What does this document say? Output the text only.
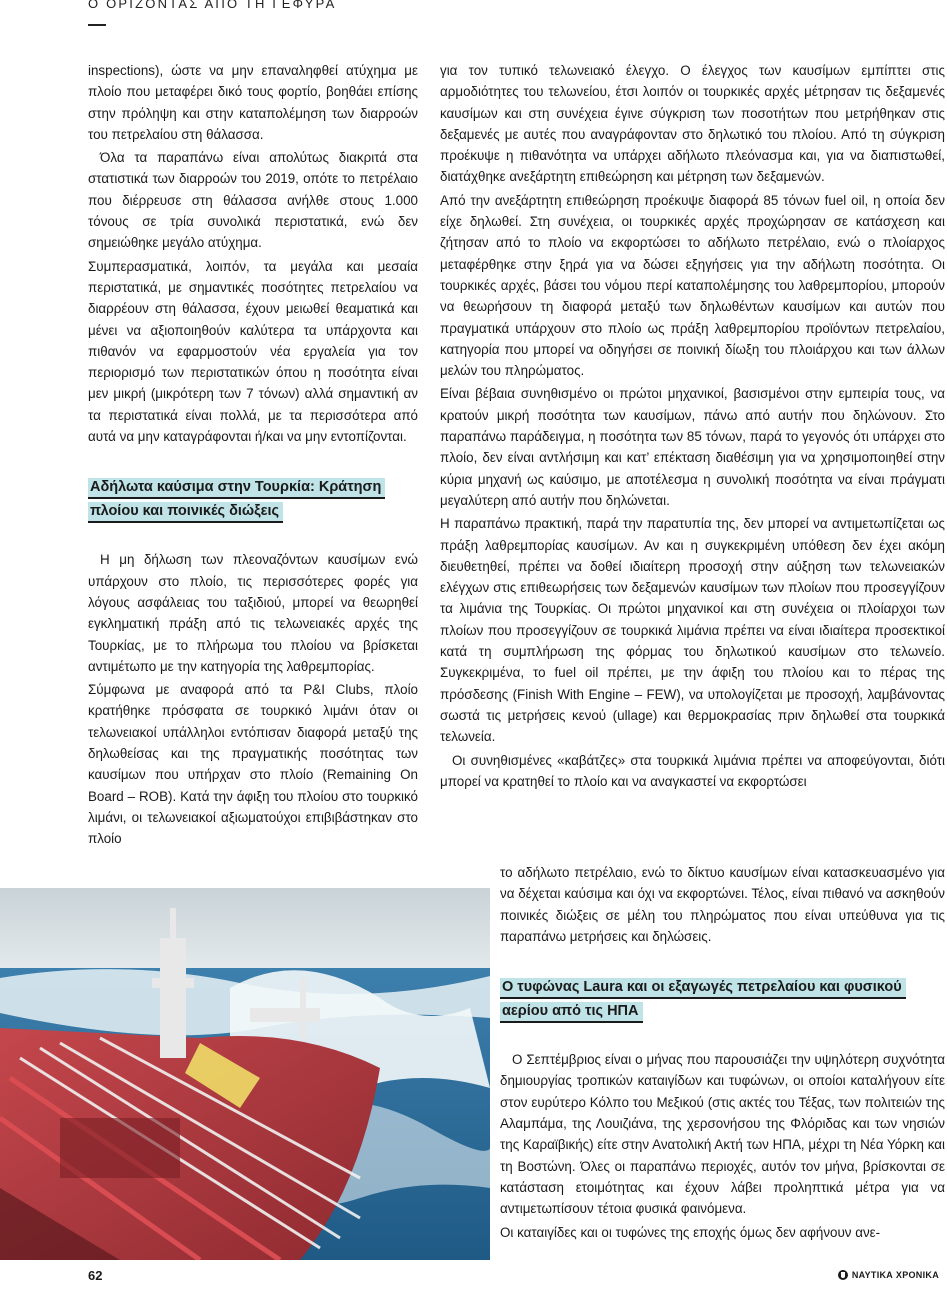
Ο ΟΡΙΖΟΝΤΑΣ ΑΠΟ ΤΗ ΓΕΦΥΡΑ

inspections), ώστε να μην επαναληφθεί ατύχημα με πλοίο που μεταφέρει δικό τους φορτίο, βοηθάει επίσης στην πρόληψη και στην καταπολέμηση των διαρροών του πετρελαίου στη θάλασσα.

Όλα τα παραπάνω είναι απολύτως διακριτά στα στατιστικά των διαρροών του 2019, οπότε το πετρέλαιο που διέρρευσε στη θάλασσα ανήλθε στους 1.000 τόνους σε τρία συνολικά περιστατικά, ενώ δεν σημειώθηκε μεγάλο ατύχημα.

Συμπερασματικά, λοιπόν, τα μεγάλα και μεσαία περιστατικά, με σημαντικές ποσότητες πετρελαίου να διαρρέουν στη θάλασσα, έχουν μειωθεί θεαματικά και μένει να αξιοποιηθούν καλύτερα τα υπάρχοντα και πιθανόν να εφαρμοστούν νέα εργαλεία για τον περιορισμό των περιστατικών όπου η ποσότητα είναι μεν μικρή (μικρότερη των 7 τόνων) αλλά σημαντική αν τα περιστατικά είναι πολλά, με τα περισσότερα από αυτά να μην καταγράφονται ή/και να μην εντοπίζονται.

Αδήλωτα καύσιμα στην Τουρκία: Κράτηση πλοίου και ποινικές διώξεις

Η μη δήλωση των πλεοναζόντων καυσίμων ενώ υπάρχουν στο πλοίο, τις περισσότερες φορές για λόγους ασφάλειας του ταξιδιού, μπορεί να θεωρηθεί εγκληματική πράξη από τις τελωνειακές αρχές της Τουρκίας, με το πλήρωμα του πλοίου να βρίσκεται αντιμέτωπο με την κατηγορία της λαθρεμπορίας.

Σύμφωνα με αναφορά από τα P&I Clubs, πλοίο κρατήθηκε πρόσφατα σε τουρκικό λιμάνι όταν οι τελωνειακοί υπάλληλοι εντόπισαν διαφορά μεταξύ της δηλωθείσας και της πραγματικής ποσότητας των καυσίμων που υπήρχαν στο πλοίο (Remaining On Board – ROB). Κατά την άφιξη του πλοίου στο τουρκικό λιμάνι, οι τελωνειακοί αξιωματούχοι επιβιβάστηκαν στο πλοίο

για τον τυπικό τελωνειακό έλεγχο. Ο έλεγχος των καυσίμων εμπίπτει στις αρμοδιότητες του τελωνείου, έτσι λοιπόν οι τουρκικές αρχές μέτρησαν τις δεξαμενές καυσίμων και στη συνέχεια έγινε σύγκριση των ποσοτήτων που μετρήθηκαν στις δεξαμενές με αυτές που αναγράφονταν στο δηλωτικό του πλοίου. Από τη σύγκριση προέκυψε η πιθανότητα να υπάρχει αδήλωτο πλεόνασμα και, για να διαπιστωθεί, διατάχθηκε ανεξάρτητη επιθεώρηση και μέτρηση των δεξαμενών.

Από την ανεξάρτητη επιθεώρηση προέκυψε διαφορά 85 τόνων fuel oil, η οποία δεν είχε δηλωθεί. Στη συνέχεια, οι τουρκικές αρχές προχώρησαν σε κατάσχεση και ζήτησαν από το πλοίο να εκφορτώσει το αδήλωτο πετρέλαιο, ενώ ο πλοίαρχος μεταφέρθηκε στην ξηρά για να δώσει εξηγήσεις για την αδήλωτη ποσότητα. Οι τουρκικές αρχές, βάσει του νόμου περί καταπολέμησης του λαθρεμπορίου, μπορούν να θεωρήσουν τη διαφορά μεταξύ των δηλωθέντων καυσίμων και αυτών που πραγματικά υπάρχουν στο πλοίο ως πράξη λαθρεμπορίου προϊόντων πετρελαίου, κατηγορία που μπορεί να οδηγήσει σε ποινική δίωξη του πλοιάρχου και των άλλων μελών του πληρώματος.

Είναι βέβαια συνηθισμένο οι πρώτοι μηχανικοί, βασισμένοι στην εμπειρία τους, να κρατούν μικρή ποσότητα των καυσίμων, πάνω από αυτήν που δηλώνουν. Στο παραπάνω παράδειγμα, η ποσότητα των 85 τόνων, παρά το γεγονός ότι υπάρχει στο πλοίο, δεν είναι αντλήσιμη και κατ’ επέκταση διαθέσιμη για να χρησιμοποιηθεί στην κύρια μηχανή ως καύσιμο, με αποτέλεσμα η συνολική ποσότητα να είναι πράγματι μεγαλύτερη από αυτήν που δηλώνεται.

Η παραπάνω πρακτική, παρά την παρατυπία της, δεν μπορεί να αντιμετωπίζεται ως πράξη λαθρεμπορίας καυσίμων. Αν και η συγκεκριμένη υπόθεση δεν έχει ακόμη διευθετηθεί, πρέπει να δοθεί ιδιαίτερη προσοχή στην αύξηση των τελωνειακών ελέγχων στις επιθεωρήσεις των δεξαμενών καυσίμων των πλοίων που προσεγγίζουν τα λιμάνια της Τουρκίας. Οι πρώτοι μηχανικοί και στη συνέχεια οι πλοίαρχοι των πλοίων που προσεγγίζουν σε τουρκικά λιμάνια πρέπει να είναι ιδιαίτερα προσεκτικοί κατά τη συμπλήρωση της φόρμας του δηλωτικού καυσίμων στο τελωνείο. Συγκεκριμένα, το fuel oil πρέπει, με την άφιξη του πλοίου και το πέρας της πρόσδεσης (Finish With Engine – FEW), να υπολογίζεται με προσοχή, λαμβάνοντας σωστά τις μετρήσεις κενού (ullage) και θερμοκρασίας πριν δηλωθεί στα τουρκικά τελωνεία.

Οι συνηθισμένες «καβάτζες» στα τουρκικά λιμάνια πρέπει να αποφεύγονται, διότι μπορεί να κρατηθεί το πλοίο και να αναγκαστεί να εκφορτώσει

το αδήλωτο πετρέλαιο, ενώ το δίκτυο καυσίμων είναι κατασκευασμένο για να δέχεται καύσιμα και όχι να εκφορτώνει. Τέλος, είναι πιθανό να ασκηθούν ποινικές διώξεις σε μέλη του πληρώματος που είναι υπεύθυνα για τις παραπάνω μετρήσεις και δηλώσεις.

Ο τυφώνας Laura και οι εξαγωγές πετρελαίου και φυσικού αερίου από τις ΗΠΑ

Ο Σεπτέμβριος είναι ο μήνας που παρουσιάζει την υψηλότερη συχνότητα δημιουργίας τροπικών καταιγίδων και τυφώνων, οι οποίοι καταλήγουν είτε στον ευρύτερο Κόλπο του Μεξικού (στις ακτές του Τέξας, των πολιτειών της Αλαμπάμα, της Λουιζιάνα, της χερσονήσου της Φλόριδας και των νησιών της Καραϊβικής) είτε στην Ανατολική Ακτή των ΗΠΑ, μέχρι τη Νέα Υόρκη και τη Βοστώνη. Όλες οι παραπάνω περιοχές, αυτόν τον μήνα, βρίσκονται σε κατάσταση ετοιμότητας και έχουν λάβει προληπτικά μέτρα για να αντιμετωπίσουν τέτοια φυσικά φαινόμενα.

Οι καταιγίδες και οι τυφώνες της εποχής όμως δεν αφήνουν ανε-

62	ΝΑΥΤΙΚΑ ΧΡΟΝΙΚΑ
